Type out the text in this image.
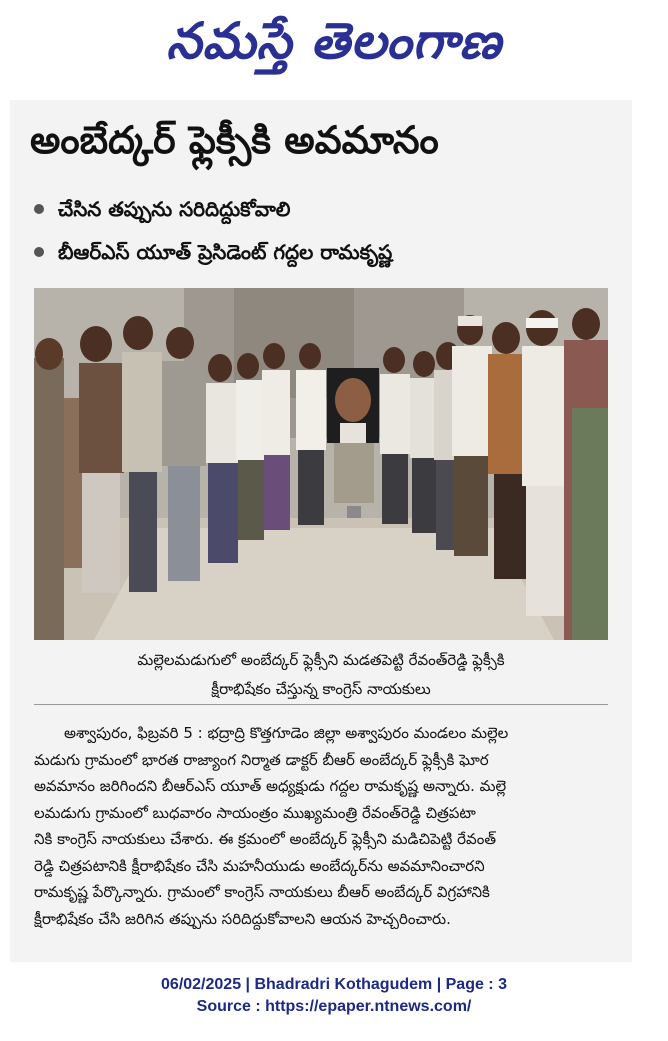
నమస్తే తెలంగాణ
అంబేద్కర్ ఫ్లెక్సీకి అవమానం
చేసిన తప్పును సరిదిద్దుకోవాలి
బీఆర్ఎస్ యూత్ ప్రెసిడెంట్ గద్దల రామకృష్ణ
మల్లెలమడుగులో అంబేద్కర్ ఫ్లెక్సీని మడతపెట్టి రేవంత్‌రెడ్డి ఫ్లెక్సీకి
క్షీరాభిషేకం చేస్తున్న కాంగ్రెస్ నాయకులు
అశ్వాపురం, ఫిబ్రవరి 5 : భద్రాద్రి కొత్తగూడెం జిల్లా అశ్వాపురం మండలం మల్లెల
మడుగు గ్రామంలో భారత రాజ్యాంగ నిర్మాత డాక్టర్ బీఆర్ అంబేద్కర్ ఫ్లెక్సీకి ఘోర
అవమానం జరిగిందని బీఆర్ఎస్ యూత్ అధ్యక్షుడు గద్దల రామకృష్ణ అన్నారు. మల్లె
లమడుగు గ్రామంలో బుధవారం సాయంత్రం ముఖ్యమంత్రి రేవంత్‌రెడ్డి చిత్రపటా
నికి కాంగ్రెస్ నాయకులు చేశారు. ఈ క్రమంలో అంబేద్కర్ ఫ్లెక్సీని మడిచిపెట్టి రేవంత్
రెడ్డి చిత్రపటానికి క్షీరాభిషేకం చేసి మహనీయుడు అంబేద్కర్‌ను అవమానించారని
రామకృష్ణ పేర్కొన్నారు. గ్రామంలో కాంగ్రెస్ నాయకులు బీఆర్ అంబేద్కర్ విగ్రహానికి
క్షీరాభిషేకం చేసి జరిగిన తప్పును సరిదిద్దుకోవాలని ఆయన హెచ్చరించారు.
06/02/2025 | Bhadradri Kothagudem | Page : 3
Source : https://epaper.ntnews.com/
